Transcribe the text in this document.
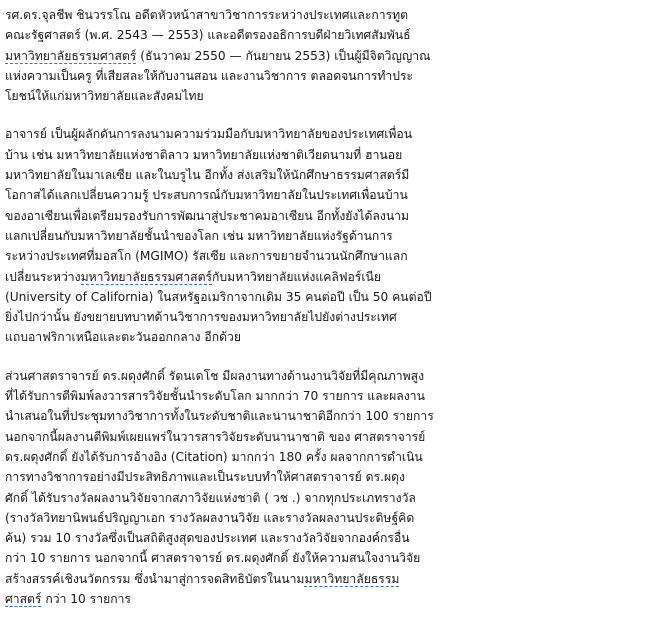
รศ.ดร.จุลชีพ ชินวรรโณ อดีตหัวหน้าสาขาวิชาการระหว่างประเทศและการทูต
คณะรัฐศาสตร์ (พ.ศ. 2543 — 2553) และอดีตรองอธิการบดีฝ่ายวิเทศสัมพันธ์
มหาวิทยาลัยธรรมศาสตร์ (ธันวาคม 2550 — กันยายน 2553) เป็นผู้มีจิตวิญญาณ
แห่งความเป็นครู ที่เสียสละให้กับงานสอน และงานวิชาการ ตลอดจนการทำประ
โยชน์ให้แก่มหาวิทยาลัยและสังคมไทย
อาจารย์ เป็นผู้ผลักดันการลงนามความร่วมมือกับมหาวิทยาลัยของประเทศเพื่อน
บ้าน เช่น มหาวิทยาลัยแห่งชาติลาว มหาวิทยาลัยแห่งชาติเวียดนามที่ ฮานอย
มหาวิทยาลัยในมาเลเซีย และในบรูไน อีกทั้ง ส่งเสริมให้นักศึกษาธรรมศาสตร์มี
โอกาสได้แลกเปลี่ยนความรู้ ประสบการณ์กับมหาวิทยาลัยในประเทศเพื่อนบ้าน
ของอาเซียนเพื่อเตรียมรองรับการพัฒนาสู่ประชาคมอาเซียน อีกทั้งยังได้ลงนาม
แลกเปลี่ยนกับมหาวิทยาลัยชั้นนำของโลก เช่น มหาวิทยาลัยแห่งรัฐด้านการ
ระหว่างประเทศที่มอสโก (MGIMO) รัสเซีย และการขยายจำนวนนักศึกษาแลก
เปลี่ยนระหว่างมหาวิทยาลัยธรรมศาสตร์กับมหาวิทยาลัยแห่งแคลิฟอร์เนีย
(University of California) ในสหรัฐอเมริกาจากเดิม 35 คนต่อปี เป็น 50 คนต่อปี
ยิ่งไปกว่านั้น ยังขยายบทบาทด้านวิชาการของมหาวิทยาลัยไปยังต่างประเทศ
แถบอาฟริกาเหนือและตะวันออกกลาง อีกด้วย
ส่วนศาสตราจารย์ ดร.ผดุงศักดิ์ รัตนเดโช มีผลงานทางด้านงานวิจัยที่มีคุณภาพสูง
ที่ได้รับการตีพิมพ์ลงวารสารวิจัยชั้นนำระดับโลก มากกว่า 70 รายการ และผลงาน
นำเสนอในที่ประชุมทางวิชาการทั้งในระดับชาติและนานาชาติอีกกว่า 100 รายการ
นอกจากนี้ผลงานตีพิมพ์เผยแพร่ในวารสารวิจัยระดับนานาชาติ ของ ศาสตราจารย์
ดร.ผดุงศักดิ์ ยังได้รับการอ้างอิง (Citation) มากกว่า 180 ครั้ง ผลจากการดำเนิน
การทางวิชาการอย่างมีประสิทธิภาพและเป็นระบบทำให้ศาสตราจารย์ ดร.ผดุง
ศักดิ์ ได้รับรางวัลผลงานวิจัยจากสภาวิจัยแห่งชาติ ( วช .) จากทุกประเภทรางวัล
(รางวัลวิทยานิพนธ์ปริญญาเอก รางวัลผลงานวิจัย และรางวัลผลงานประดิษฐ์คิด
ค้น) รวม 10 รางวัลซึ่งเป็นสถิติสูงสุดของประเทศ และรางวัลวิจัยจากองค์กรอื่น
กว่า 10 รายการ นอกจากนี้ ศาสตราจารย์ ดร.ผดุงศักดิ์ ยังให้ความสนใจงานวิจัย
สร้างสรรค์เชิงนวัตกรรม ซึ่งนำมาสู่การจดสิทธิบัตรในนามมหาวิทยาลัยธรรม
ศาสตร์ กว่า 10 รายการ
